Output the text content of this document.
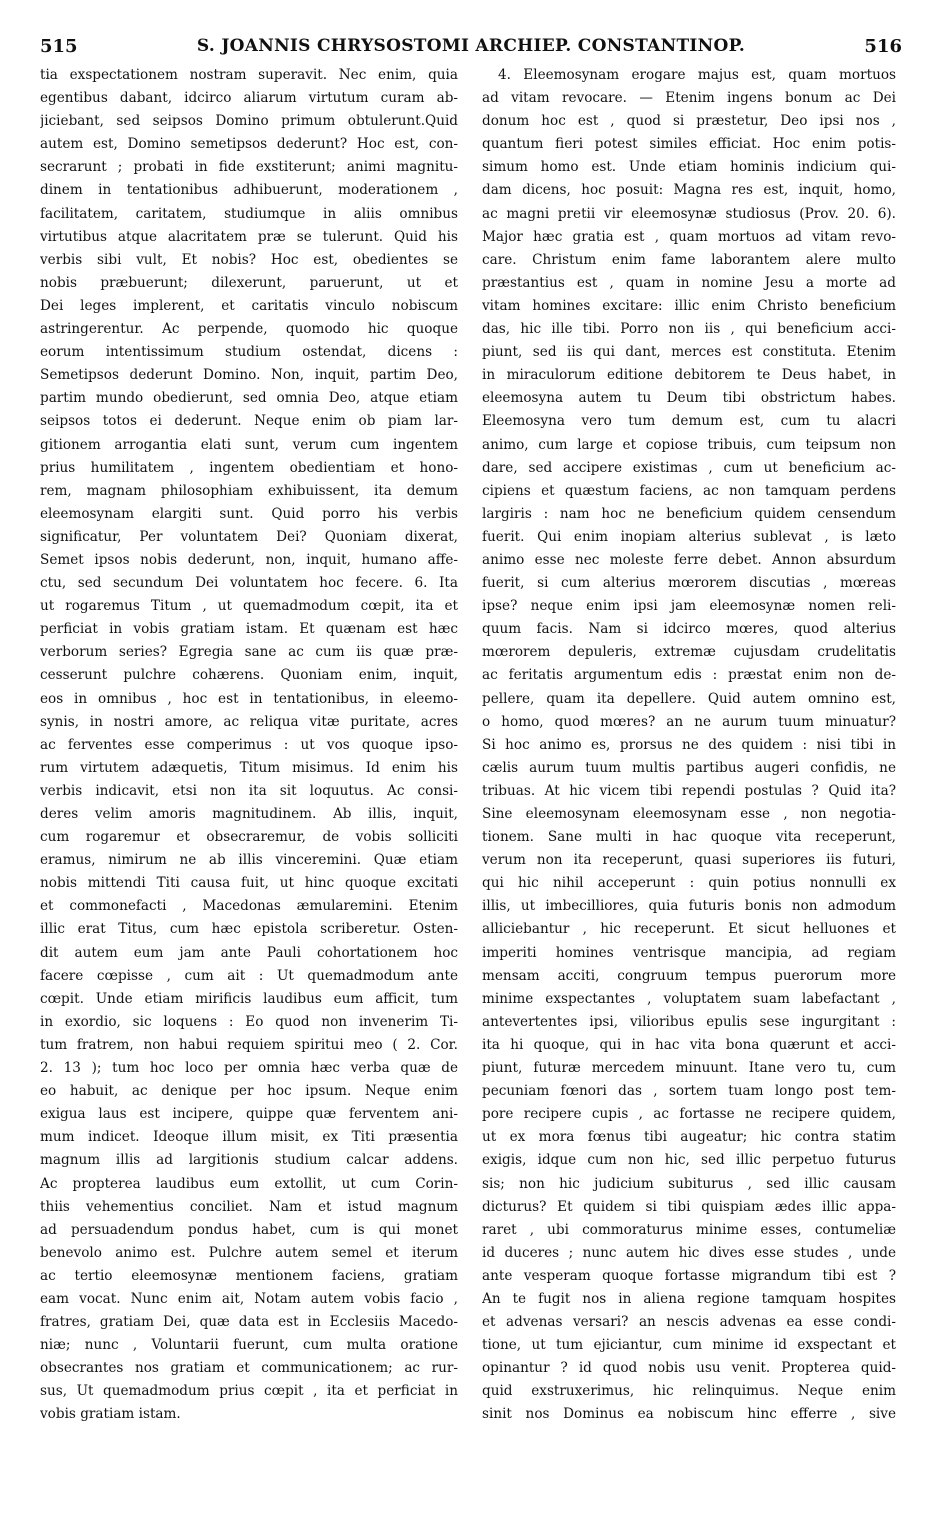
515	S. JOANNIS CHRYSOSTOMI ARCHIEP. CONSTANTINOP.	516
tia exspectationem nostram superavit. Nec enim, quia
egentibus dabant, idcirco aliarum virtutum curam ab-
jiciebant, sed seipsos Domino primum obtulerunt.Quid
autem est, Domino semetipsos dederunt? Hoc est, con-
secrarunt ; probati in fide exstiterunt; animi magnitu-
dinem in tentationibus adhibuerunt, moderationem ,
facilitatem, caritatem, studiumque in aliis omnibus
virtutibus atque alacritatem præ se tulerunt. Quid his
verbis sibi vult, Et nobis? Hoc est, obedientes se
nobis præbuerunt; dilexerunt, paruerunt, ut et
Dei leges implerent, et caritatis vinculo nobiscum
astringerentur. Ac perpende, quomodo hic quoque
eorum intentissimum studium ostendat, dicens :
Semetipsos dederunt Domino. Non, inquit, partim Deo,
partim mundo obedierunt, sed omnia Deo, atque etiam
seipsos totos ei dederunt. Neque enim ob piam lar-
gitionem arrogantia elati sunt, verum cum ingentem
prius humilitatem , ingentem obedientiam et hono-
rem, magnam philosophiam exhibuissent, ita demum
eleemosynam elargiti sunt. Quid porro his verbis
significatur, Per voluntatem Dei? Quoniam dixerat,
Semet ipsos nobis dederunt, non, inquit, humano affe-
ctu, sed secundum Dei voluntatem hoc fecere. 6. Ita
ut rogaremus Titum , ut quemadmodum cœpit, ita et
perficiat in vobis gratiam istam. Et quænam est hæc
verborum series? Egregia sane ac cum iis quæ præ-
cesserunt pulchre cohærens. Quoniam enim, inquit,
eos in omnibus , hoc est in tentationibus, in eleemo-
synis, in nostri amore, ac reliqua vitæ puritate, acres
ac ferventes esse comperimus : ut vos quoque ipso-
rum virtutem adæquetis, Titum misimus. Id enim his
verbis indicavit, etsi non ita sit loquutus. Ac consi-
deres velim amoris magnitudinem. Ab illis, inquit,
cum rogaremur et obsecraremur, de vobis solliciti
eramus, nimirum ne ab illis vinceremini. Quæ etiam
nobis mittendi Titi causa fuit, ut hinc quoque excitati
et commonefacti , Macedonas æmularemini. Etenim
illic erat Titus, cum hæc epistola scriberetur. Osten-
dit autem eum jam ante Pauli cohortationem hoc
facere cœpisse , cum ait : Ut quemadmodum ante
cœpit. Unde etiam mirificis laudibus eum afficit, tum
in exordio, sic loquens : Eo quod non invenerim Ti-
tum fratrem, non habui requiem spiritui meo ( 2. Cor.
2. 13 ); tum hoc loco per omnia hæc verba quæ de
eo habuit, ac denique per hoc ipsum. Neque enim
exigua laus est incipere, quippe quæ ferventem ani-
mum indicet. Ideoque illum misit, ex Titi præsentia
magnum illis ad largitionis studium calcar addens.
Ac propterea laudibus eum extollit, ut cum Corin-
thiis vehementius conciliet. Nam et istud magnum
ad persuadendum pondus habet, cum is qui monet
benevolo animo est. Pulchre autem semel et iterum
ac tertio eleemosynæ mentionem faciens, gratiam
eam vocat. Nunc enim ait, Notam autem vobis facio ,
fratres, gratiam Dei, quæ data est in Ecclesiis Macedo-
niæ; nunc , Voluntarii fuerunt, cum multa oratione
obsecrantes nos gratiam et communicationem; ac rur-
sus, Ut quemadmodum prius cœpit , ita et perficiat in
vobis gratiam istam.
4. Eleemosynam erogare majus est, quam mortuos
ad vitam revocare. — Etenim ingens bonum ac Dei
donum hoc est , quod si præstetur, Deo ipsi nos ,
quantum fieri potest similes efficiat. Hoc enim potis-
simum homo est. Unde etiam hominis indicium qui-
dam dicens, hoc posuit: Magna res est, inquit, homo,
ac magni pretii vir eleemosynæ studiosus (Prov. 20. 6).
Major hæc gratia est , quam mortuos ad vitam revo-
care. Christum enim fame laborantem alere multo
præstantius est , quam in nomine Jesu a morte ad
vitam homines excitare: illic enim Christo beneficium
das, hic ille tibi. Porro non iis , qui beneficium acci-
piunt, sed iis qui dant, merces est constituta. Etenim
in miraculorum editione debitorem te Deus habet, in
eleemosyna autem tu Deum tibi obstrictum habes.
Eleemosyna vero tum demum est, cum tu alacri
animo, cum large et copiose tribuis, cum teipsum non
dare, sed accipere existimas , cum ut beneficium ac-
cipiens et quæstum faciens, ac non tamquam perdens
largiris : nam hoc ne beneficium quidem censendum
fuerit. Qui enim inopiam alterius sublevat , is læto
animo esse nec moleste ferre debet. Annon absurdum
fuerit, si cum alterius mœrorem discutias , mœreas
ipse? neque enim ipsi jam eleemosynæ nomen reli-
quum facis. Nam si idcirco mœres, quod alterius
mœrorem depuleris, extremæ cujusdam crudelitatis
ac feritatis argumentum edis : præstat enim non de-
pellere, quam ita depellere. Quid autem omnino est,
o homo, quod mœres? an ne aurum tuum minuatur?
Si hoc animo es, prorsus ne des quidem : nisi tibi in
cælis aurum tuum multis partibus augeri confidis, ne
tribuas. At hic vicem tibi rependi postulas ? Quid ita?
Sine eleemosynam eleemosynam esse , non negotia-
tionem. Sane multi in hac quoque vita receperunt,
verum non ita receperunt, quasi superiores iis futuri,
qui hic nihil acceperunt : quin potius nonnulli ex
illis, ut imbecilliores, quia futuris bonis non admodum
alliciebantur , hic receperunt. Et sicut helluones et
imperiti homines ventrisque mancipia, ad regiam
mensam acciti, congruum tempus puerorum more
minime exspectantes , voluptatem suam labefactant ,
antevertentes ipsi, vilioribus epulis sese ingurgitant :
ita hi quoque, qui in hac vita bona quærunt et acci-
piunt, futuræ mercedem minuunt. Itane vero tu, cum
pecuniam fœnori das , sortem tuam longo post tem-
pore recipere cupis , ac fortasse ne recipere quidem,
ut ex mora fœnus tibi augeatur; hic contra statim
exigis, idque cum non hic, sed illic perpetuo futurus
sis; non hic judicium subiturus , sed illic causam
dicturus? Et quidem si tibi quispiam ædes illic appa-
raret , ubi commoraturus minime esses, contumeliæ
id duceres ; nunc autem hic dives esse studes , unde
ante vesperam quoque fortasse migrandum tibi est ?
An te fugit nos in aliena regione tamquam hospites
et advenas versari? an nescis advenas ea esse condi-
tione, ut tum ejiciantur, cum minime id exspectant et
opinantur ? id quod nobis usu venit. Propterea quid-
quid exstruxerimus, hic relinquimus. Neque enim
sinit nos Dominus ea nobiscum hinc efferre , sive
